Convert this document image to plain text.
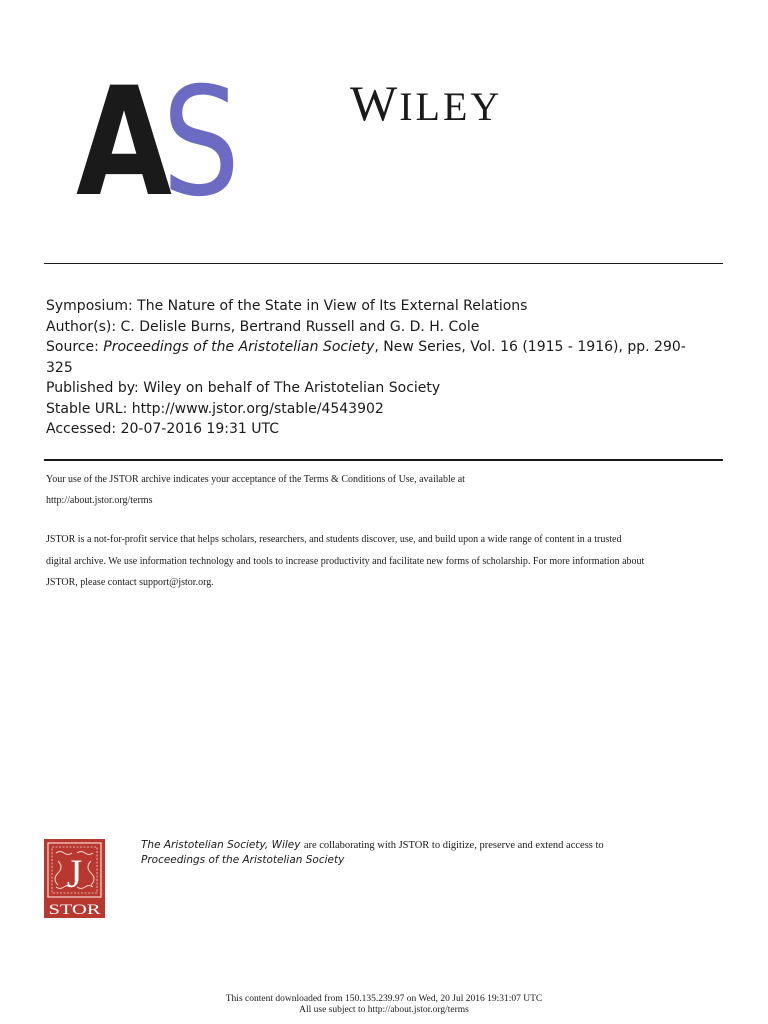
A
S WILEY
Symposium: The Nature of the State in View of Its External Relations
Author(s): C. Delisle Burns, Bertrand Russell and G. D. H. Cole
Source: Proceedings of the Aristotelian Society, New Series, Vol. 16 (1915 - 1916), pp. 290-
325
Published by: Wiley on behalf of The Aristotelian Society
Stable URL: http://www.jstor.org/stable/4543902
Accessed: 20-07-2016 19:31 UTC
Your use of the JSTOR archive indicates your acceptance of the Terms & Conditions of Use, available at
http://about.jstor.org/terms
JSTOR is a not-for-profit service that helps scholars, researchers, and students discover, use, and build upon a wide range of content in a trusted
digital archive. We use information technology and tools to increase productivity and facilitate new forms of scholarship. For more information about
JSTOR, please contact support@jstor.org.
J
STOR
The Aristotelian Society, Wiley are collaborating with JSTOR to digitize, preserve and extend access to
Proceedings of the Aristotelian Society
This content downloaded from 150.135.239.97 on Wed, 20 Jul 2016 19:31:07 UTC
All use subject to http://about.jstor.org/terms
